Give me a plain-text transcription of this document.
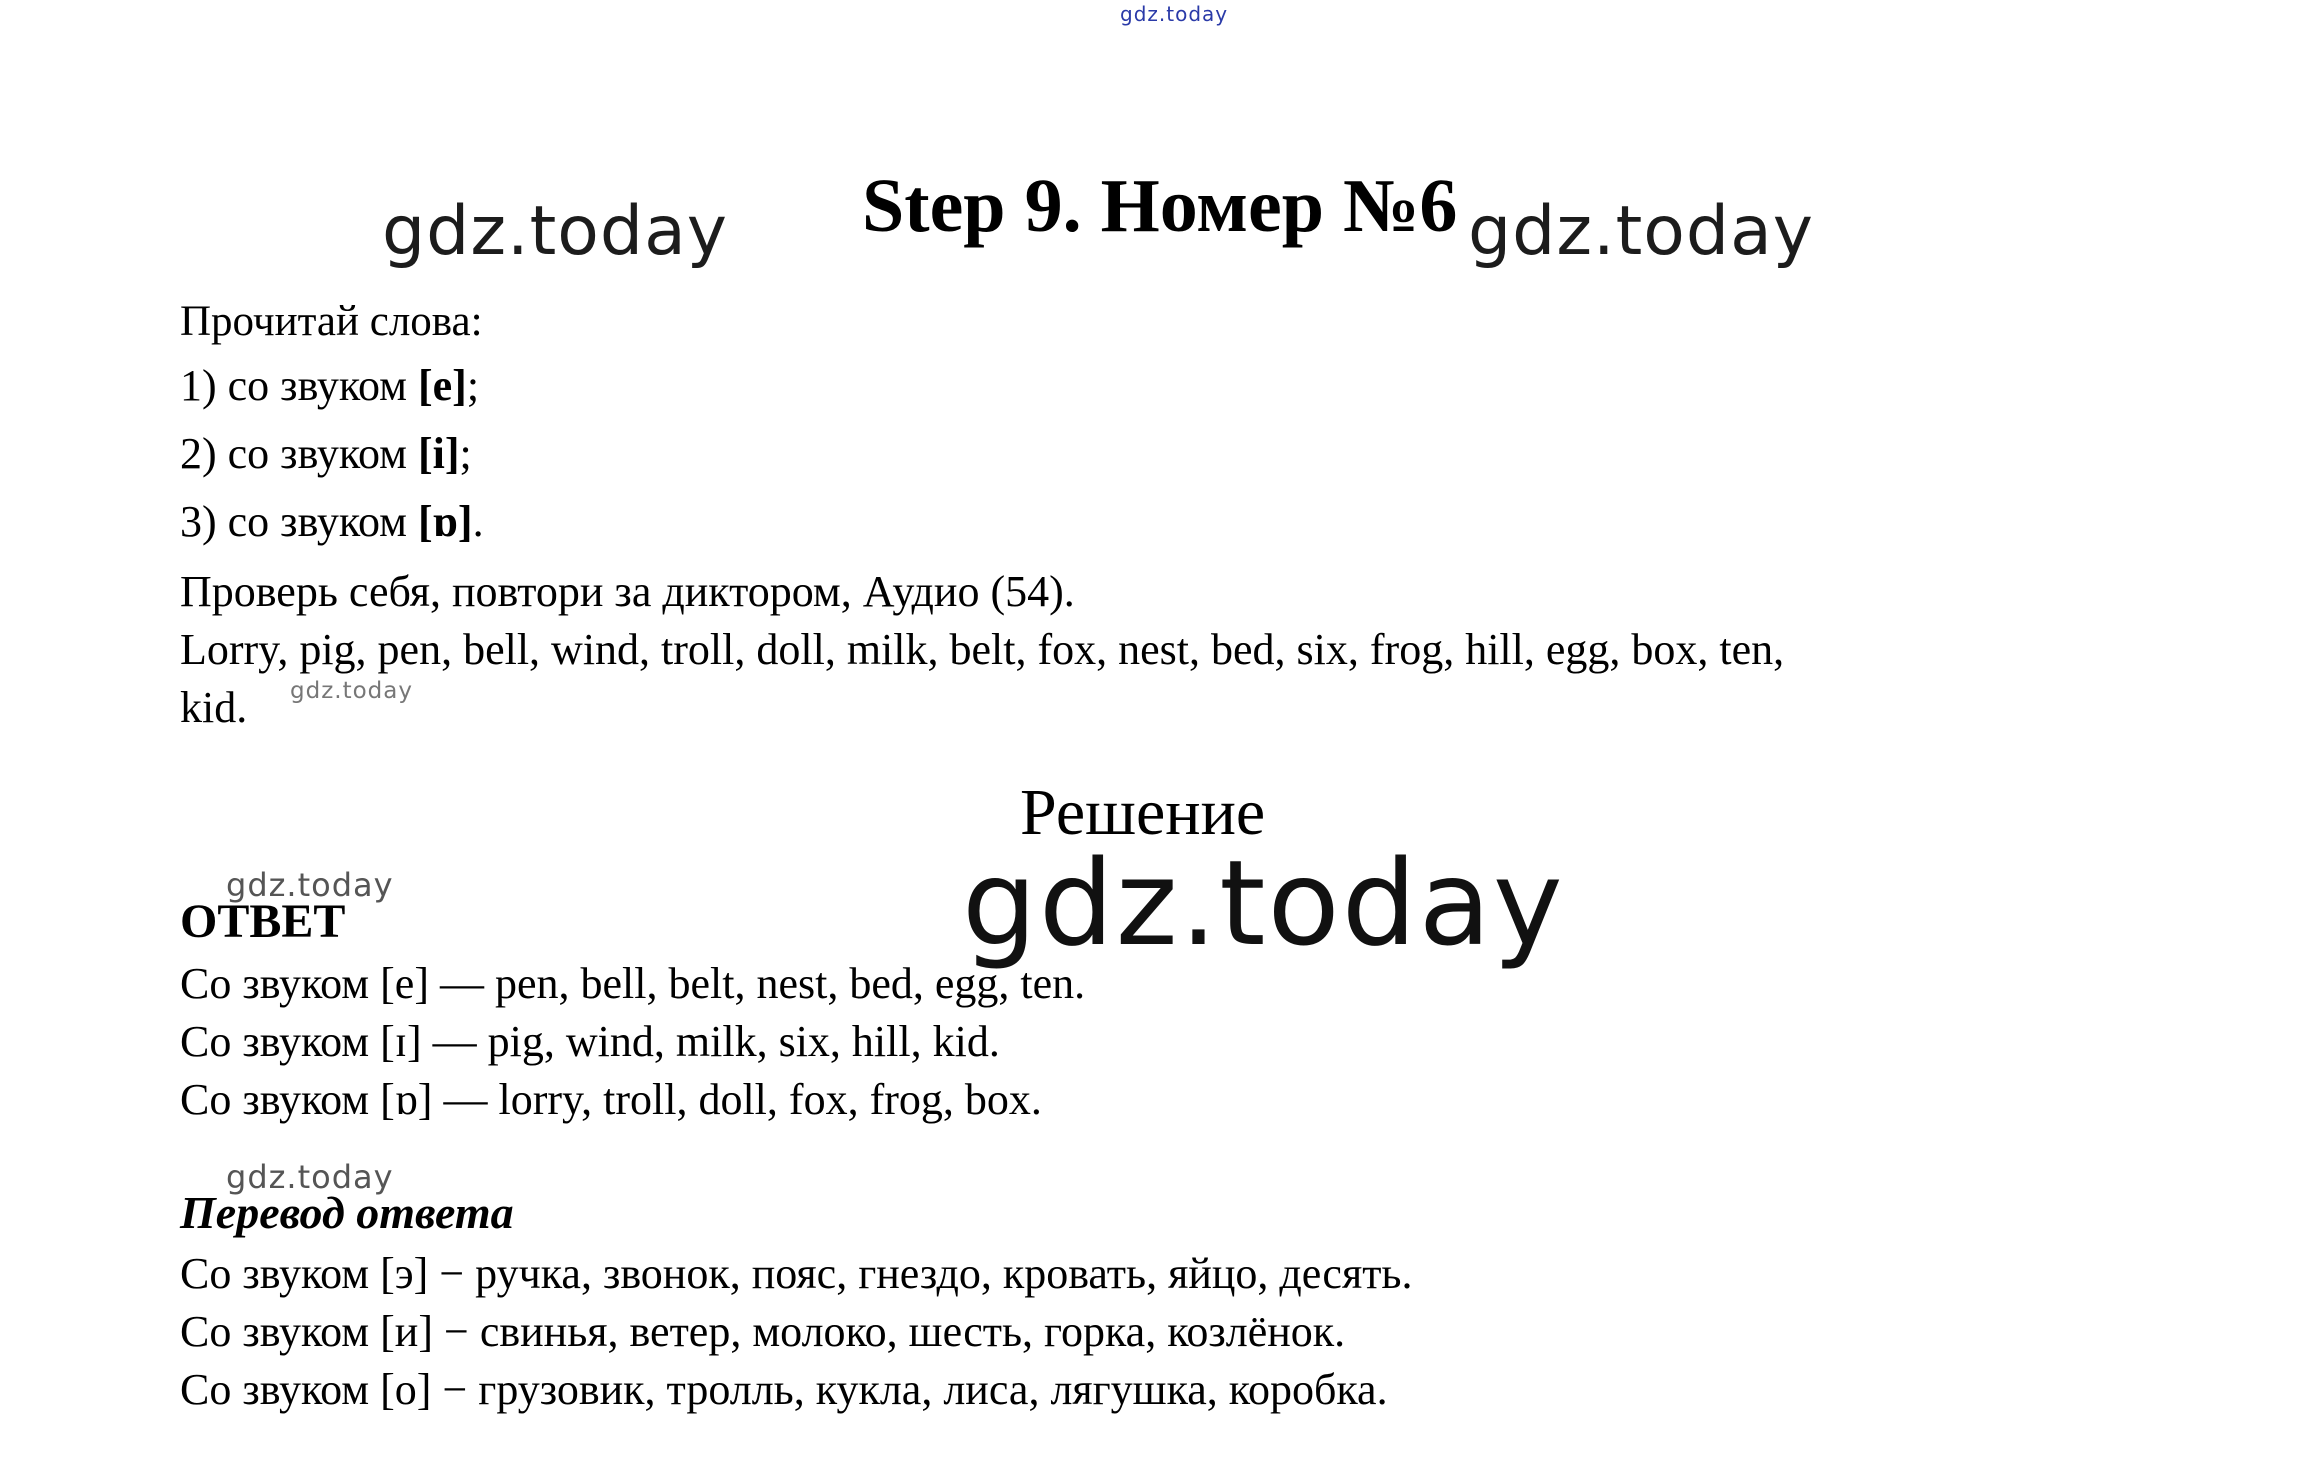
gdz.today
gdz.today Step 9. Номер №6 gdz.today
Прочитай слова:
1) со звуком [e];
2) со звуком [i];
3) со звуком [ɒ].
Проверь себя, повтори за диктором, Аудио (54).
Lorry, pig, pen, bell, wind, troll, doll, milk, belt, fox, nest, bed, six, frog, hill, egg, box, ten,
kid. gdz.today
Решение
gdz.today	gdz.today
ОТВЕТ
Со звуком [e] — pen, bell, belt, nest, bed, egg, ten.
Со звуком [ɪ] — pig, wind, milk, six, hill, kid.
Со звуком [ɒ] — lorry, troll, doll, fox, frog, box.
gdz.today
Перевод ответа
Со звуком [э] − ручка, звонок, пояс, гнездо, кровать, яйцо, десять.
Со звуком [и] − свинья, ветер, молоко, шесть, горка, козлёнок.
Со звуком [о] − грузовик, тролль, кукла, лиса, лягушка, коробка.
